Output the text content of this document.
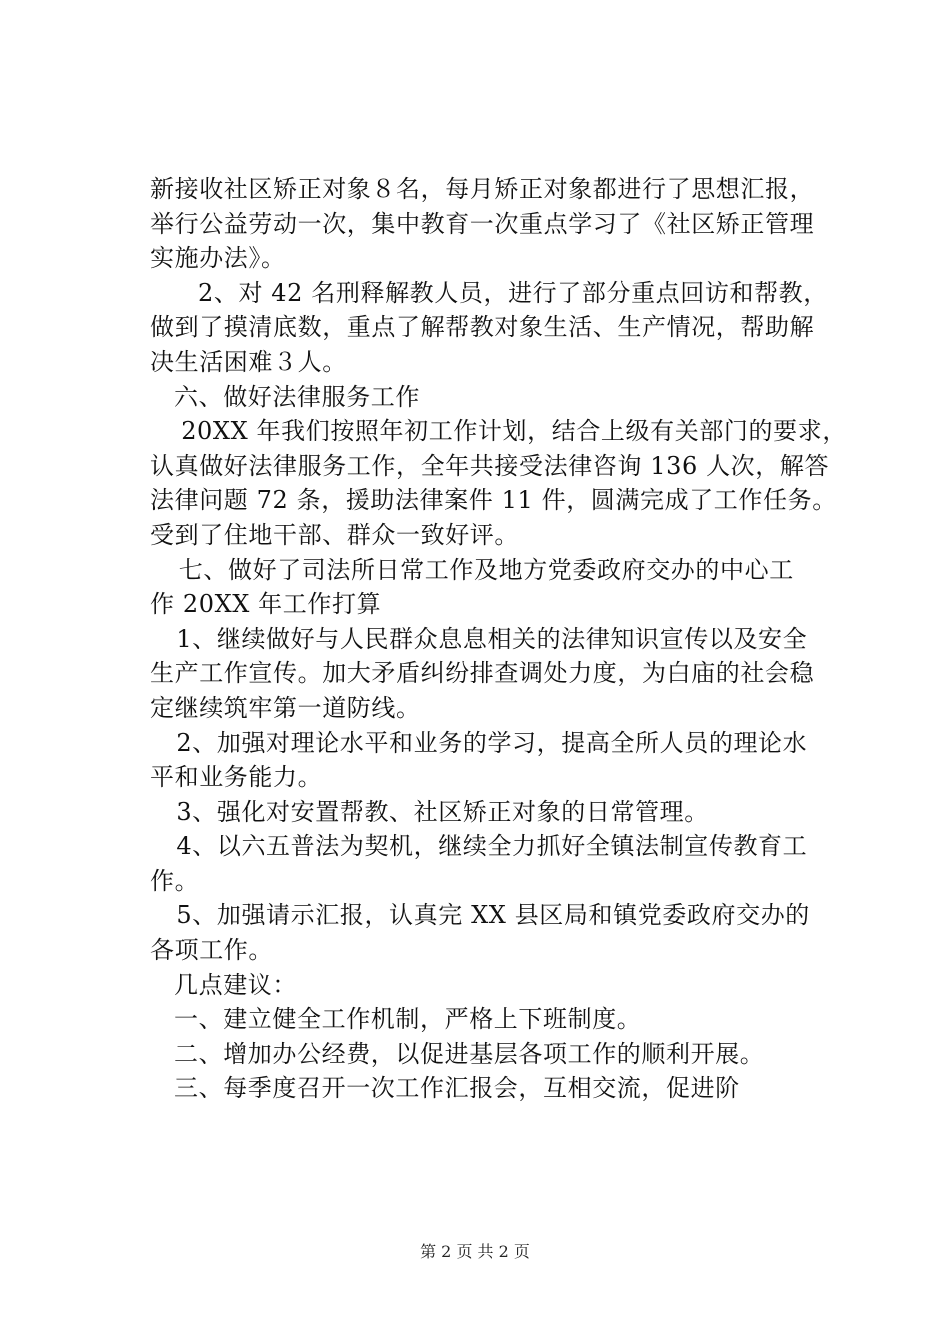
新接收社区矫正对象８名，每月矫正对象都进行了思想汇报，
举行公益劳动一次，集中教育一次重点学习了《社区矫正管理
实施办法》。
2、对 42 名刑释解教人员，进行了部分重点回访和帮教，
做到了摸清底数，重点了解帮教对象生活、生产情况，帮助解
决生活困难３人。
六、做好法律服务工作
20XX 年我们按照年初工作计划，结合上级有关部门的要求，
认真做好法律服务工作，全年共接受法律咨询 136 人次，解答
法律问题 72 条，援助法律案件 11 件，圆满完成了工作任务。
受到了住地干部、群众一致好评。
七、做好了司法所日常工作及地方党委政府交办的中心工
作 20XX 年工作打算
1、继续做好与人民群众息息相关的法律知识宣传以及安全
生产工作宣传。加大矛盾纠纷排查调处力度，为白庙的社会稳
定继续筑牢第一道防线。
2、加强对理论水平和业务的学习，提高全所人员的理论水
平和业务能力。
3、强化对安置帮教、社区矫正对象的日常管理。
4、以六五普法为契机，继续全力抓好全镇法制宣传教育工
作。
5、加强请示汇报，认真完 XX 县区局和镇党委政府交办的
各项工作。
几点建议：
一、建立健全工作机制，严格上下班制度。
二、增加办公经费，以促进基层各项工作的顺利开展。
三、每季度召开一次工作汇报会，互相交流，促进阶
第 2 页 共 2 页
